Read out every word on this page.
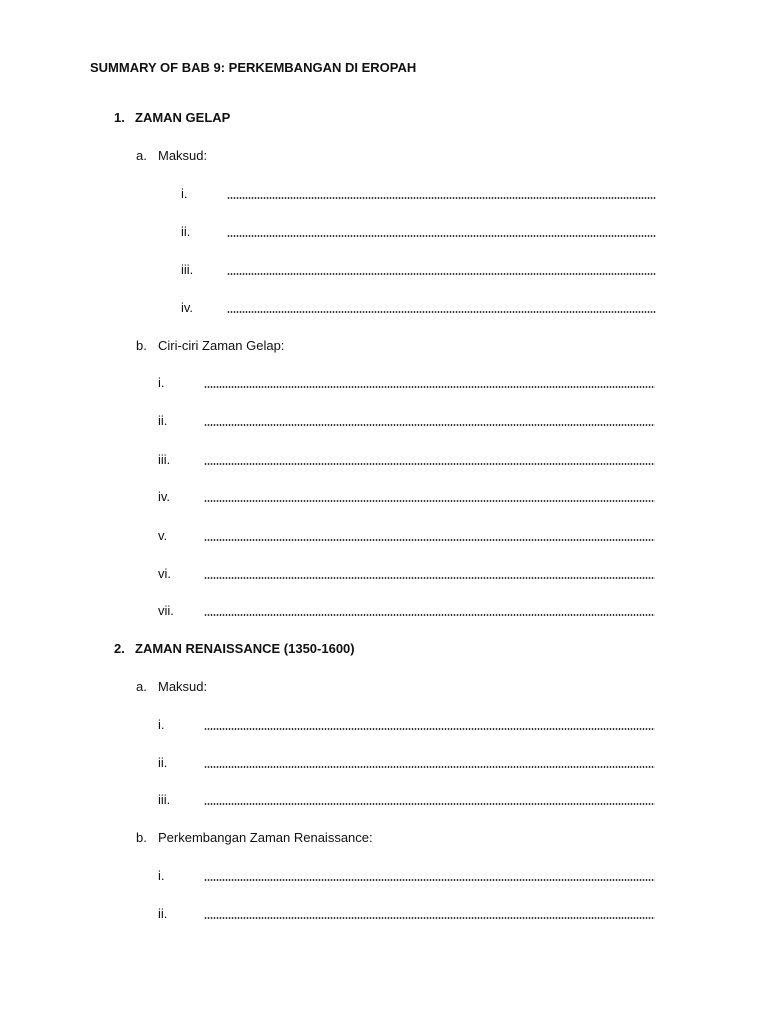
SUMMARY OF BAB 9: PERKEMBANGAN DI EROPAH
1. ZAMAN GELAP
a. Maksud:
i.
ii.
iii.
iv.
b. Ciri-ciri Zaman Gelap:
i.
ii.
iii.
iv.
v.
vi.
vii.
2. ZAMAN RENAISSANCE (1350-1600)
a. Maksud:
i.
ii.
iii.
b. Perkembangan Zaman Renaissance:
i.
ii.
